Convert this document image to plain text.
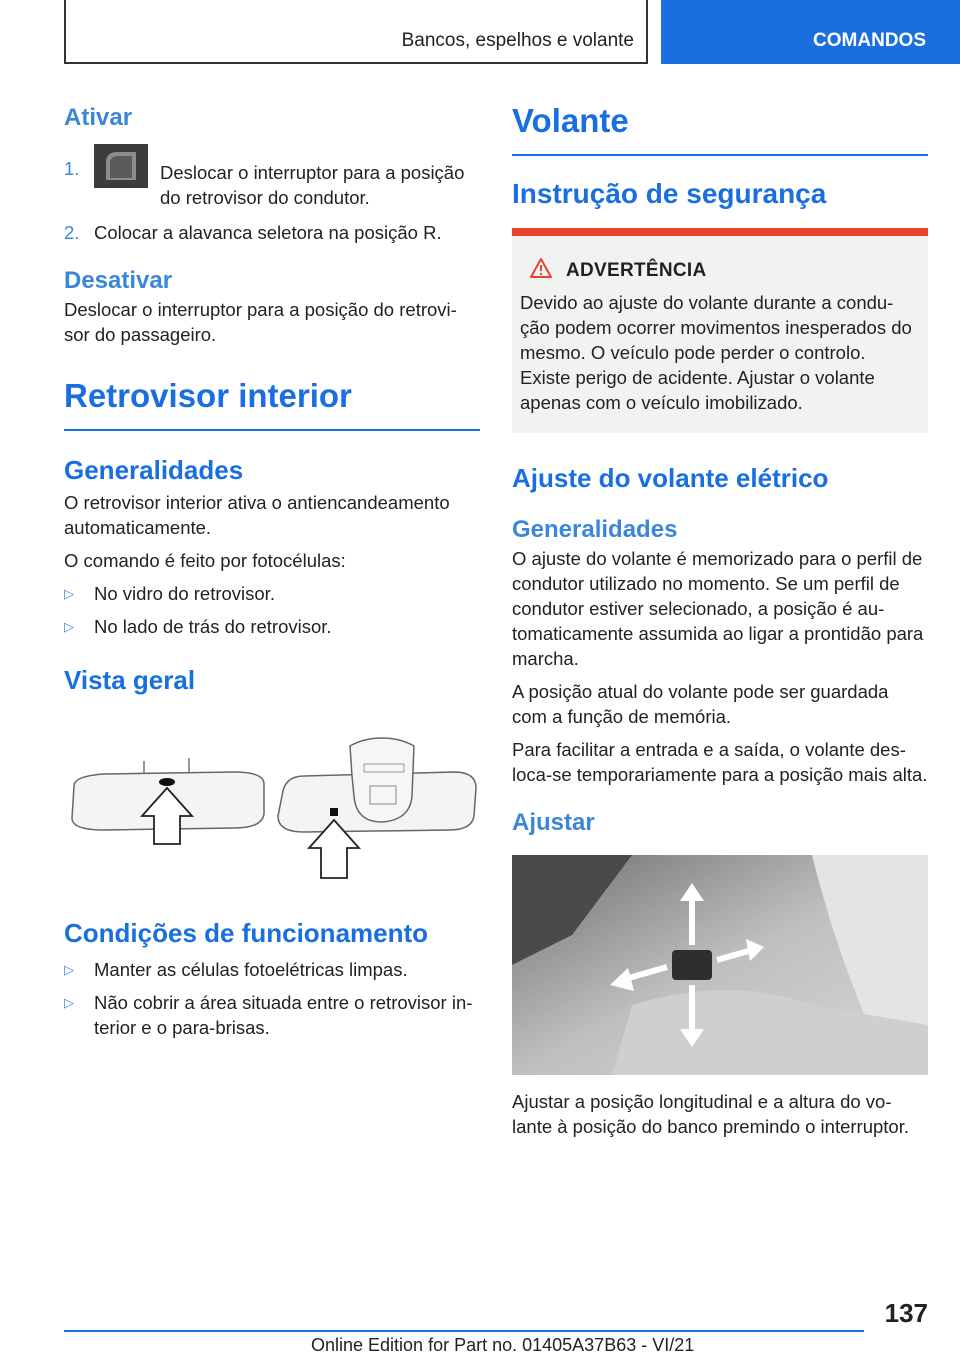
Bancos, espelhos e volante	COMANDOS
Ativar
1.	Deslocar o interruptor para a posição do retrovisor do condutor.
2. Colocar a alavanca seletora na posição R.
Desativar

Deslocar o interruptor para a posição do retrovi-sor do passageiro.

Retrovisor interior
Generalidades

O retrovisor interior ativa o antiencandeamento automaticamente.

O comando é feito por fotocélulas:

▷ No vidro do retrovisor.
▷ No lado de trás do retrovisor.
Vista geral
Condições de funcionamento
▷ Manter as células fotoelétricas limpas.
▷ Não cobrir a área situada entre o retrovisor in-terior e o para-brisas.
Volante
Instrução de segurança
ADVERTÊNCIA

Devido ao ajuste do volante durante a condu-ção podem ocorrer movimentos inesperados do mesmo. O veículo pode perder o controlo. Existe perigo de acidente. Ajustar o volante apenas com o veículo imobilizado.

Ajuste do volante elétrico
Generalidades

O ajuste do volante é memorizado para o perfil de condutor utilizado no momento. Se um perfil de condutor estiver selecionado, a posição é au-tomaticamente assumida ao ligar a prontidão para marcha.

A posição atual do volante pode ser guardada com a função de memória.

Para facilitar a entrada e a saída, o volante des-loca-se temporariamente para a posição mais alta.

Ajustar

Ajustar a posição longitudinal e a altura do vo-lante à posição do banco premindo o interruptor.

137
Online Edition for Part no. 01405A37B63 - VI/21
